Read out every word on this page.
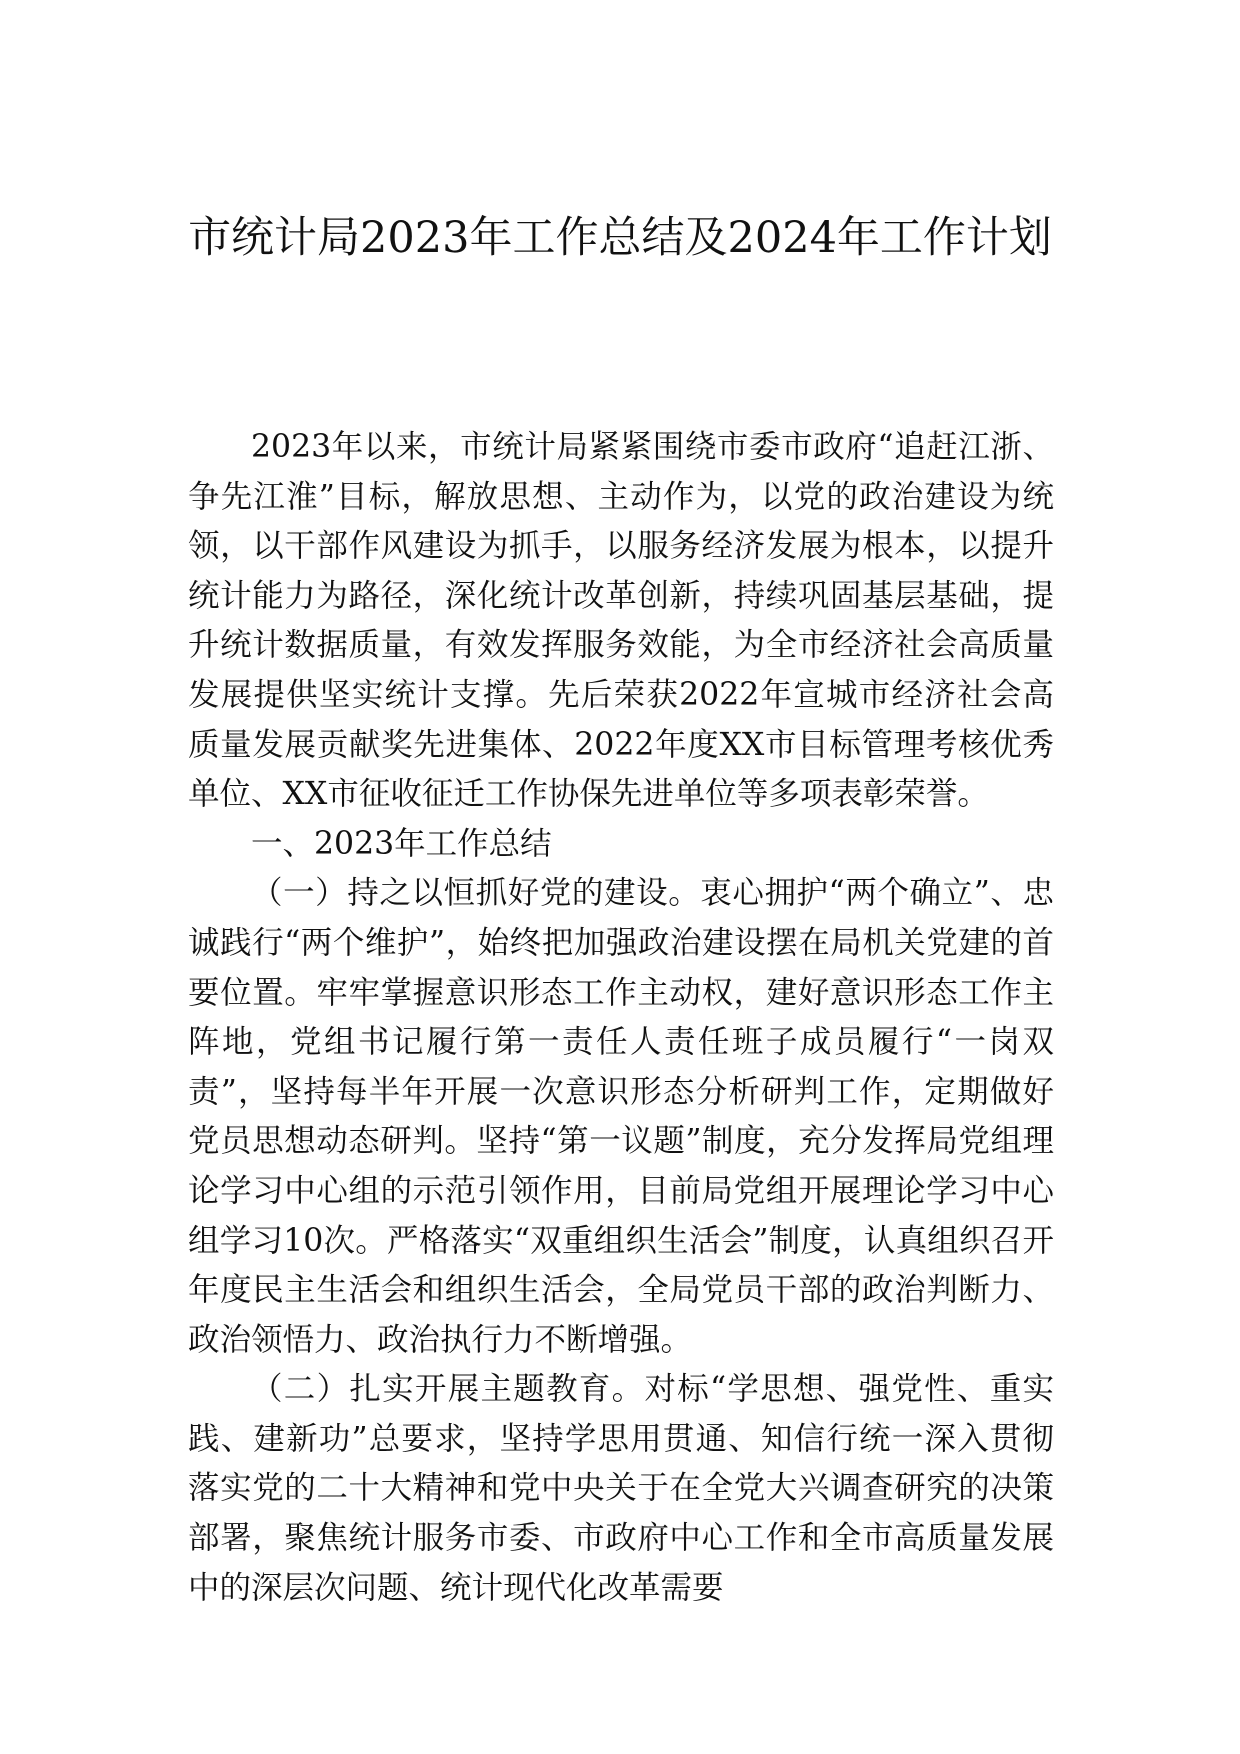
市统计局2023年工作总结及2024年工作计划

2023年以来，市统计局紧紧围绕市委市政府“追赶江浙、争先江淮”目标，解放思想、主动作为，以党的政治建设为统领，以干部作风建设为抓手，以服务经济发展为根本，以提升统计能力为路径，深化统计改革创新，持续巩固基层基础，提升统计数据质量，有效发挥服务效能，为全市经济社会高质量发展提供坚实统计支撑。先后荣获2022年宣城市经济社会高质量发展贡献奖先进集体、2022年度XX市目标管理考核优秀单位、XX市征收征迁工作协保先进单位等多项表彰荣誉。

一、2023年工作总结

（一）持之以恒抓好党的建设。衷心拥护“两个确立”、忠诚践行“两个维护”，始终把加强政治建设摆在局机关党建的首要位置。牢牢掌握意识形态工作主动权，建好意识形态工作主阵地，党组书记履行第一责任人责任班子成员履行“一岗双责”，坚持每半年开展一次意识形态分析研判工作，定期做好党员思想动态研判。坚持“第一议题”制度，充分发挥局党组理论学习中心组的示范引领作用，目前局党组开展理论学习中心组学习10次。严格落实“双重组织生活会”制度，认真组织召开年度民主生活会和组织生活会，全局党员干部的政治判断力、政治领悟力、政治执行力不断增强。

（二）扎实开展主题教育。对标“学思想、强党性、重实践、建新功”总要求，坚持学思用贯通、知信行统一深入贯彻落实党的二十大精神和党中央关于在全党大兴调查研究的决策部署，聚焦统计服务市委、市政府中心工作和全市高质量发展中的深层次问题、统计现代化改革需要
